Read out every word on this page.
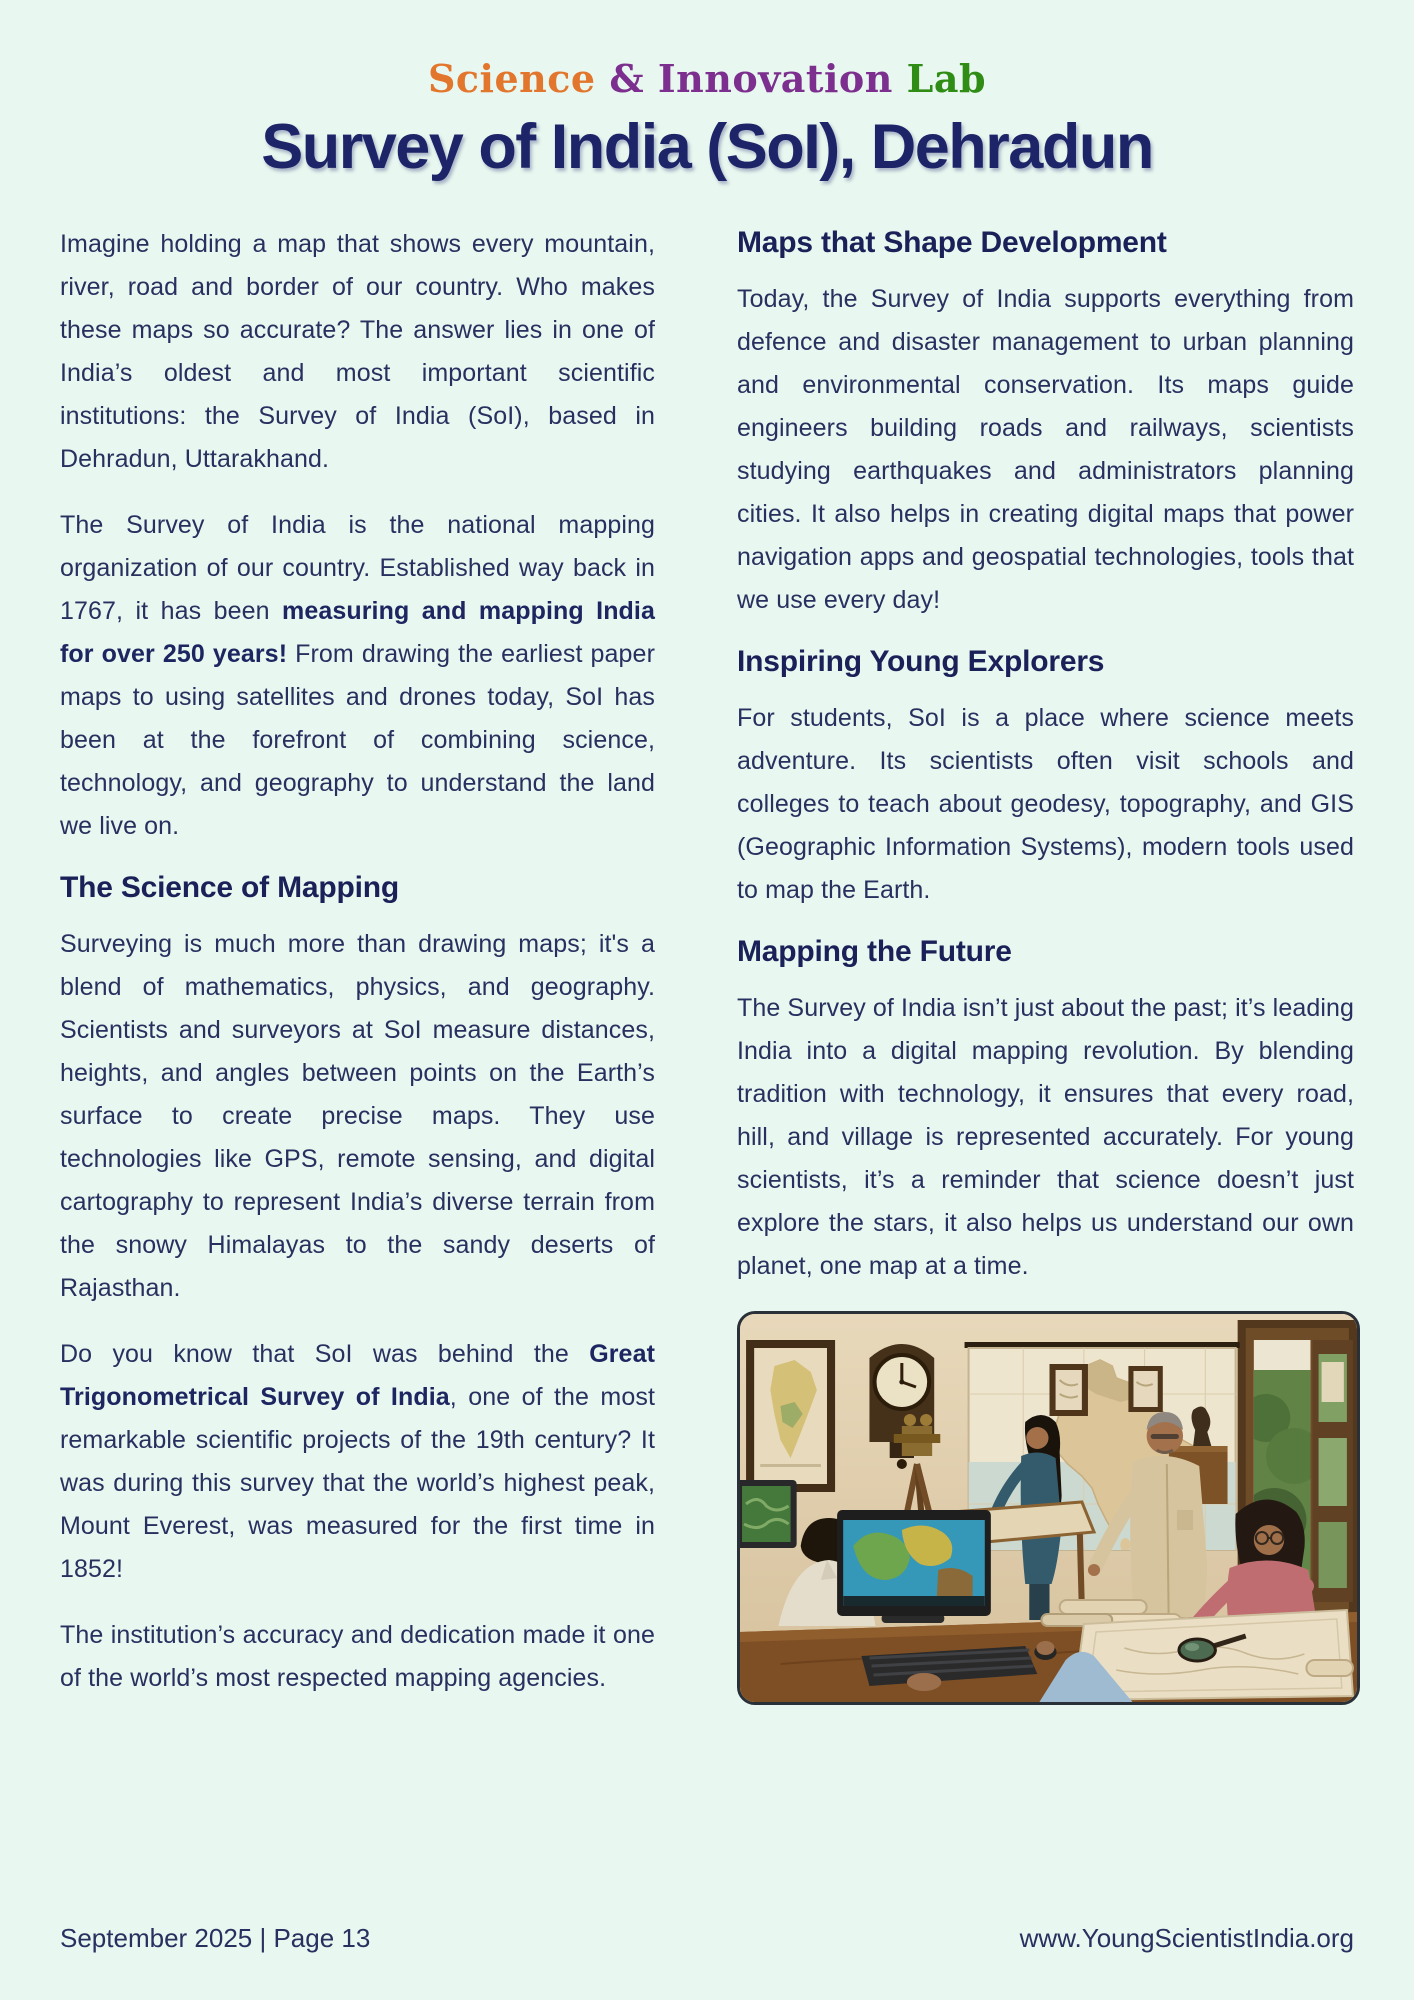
Science & Innovation Lab
Survey of India (SoI), Dehradun

Imagine holding a map that shows every mountain, river, road and border of our country. Who makes these maps so accurate? The answer lies in one of India’s oldest and most important scientific institutions: the Survey of India (SoI), based in Dehradun, Uttarakhand.

The Survey of India is the national mapping organization of our country. Established way back in 1767, it has been measuring and mapping India for over 250 years! From drawing the earliest paper maps to using satellites and drones today, SoI has been at the forefront of combining science, technology, and geography to understand the land we live on.

The Science of Mapping

Surveying is much more than drawing maps; it's a blend of mathematics, physics, and geography. Scientists and surveyors at SoI measure distances, heights, and angles between points on the Earth’s surface to create precise maps. They use technologies like GPS, remote sensing, and digital cartography to represent India’s diverse terrain from the snowy Himalayas to the sandy deserts of Rajasthan.

Do you know that SoI was behind the Great Trigonometrical Survey of India, one of the most remarkable scientific projects of the 19th century? It was during this survey that the world’s highest peak, Mount Everest, was measured for the first time in 1852!

The institution’s accuracy and dedication made it one of the world’s most respected mapping agencies.

Maps that Shape Development

Today, the Survey of India supports everything from defence and disaster management to urban planning and environmental conservation. Its maps guide engineers building roads and railways, scientists studying earthquakes and administrators planning cities. It also helps in creating digital maps that power navigation apps and geospatial technologies, tools that we use every day!

Inspiring Young Explorers

For students, SoI is a place where science meets adventure. Its scientists often visit schools and colleges to teach about geodesy, topography, and GIS (Geographic Information Systems), modern tools used to map the Earth.

Mapping the Future

The Survey of India isn’t just about the past; it’s leading India into a digital mapping revolution. By blending tradition with technology, it ensures that every road, hill, and village is represented accurately. For young scientists, it’s a reminder that science doesn’t just explore the stars, it also helps us understand our own planet, one map at a time.

September 2025 | Page 13	www.YoungScientistIndia.org
